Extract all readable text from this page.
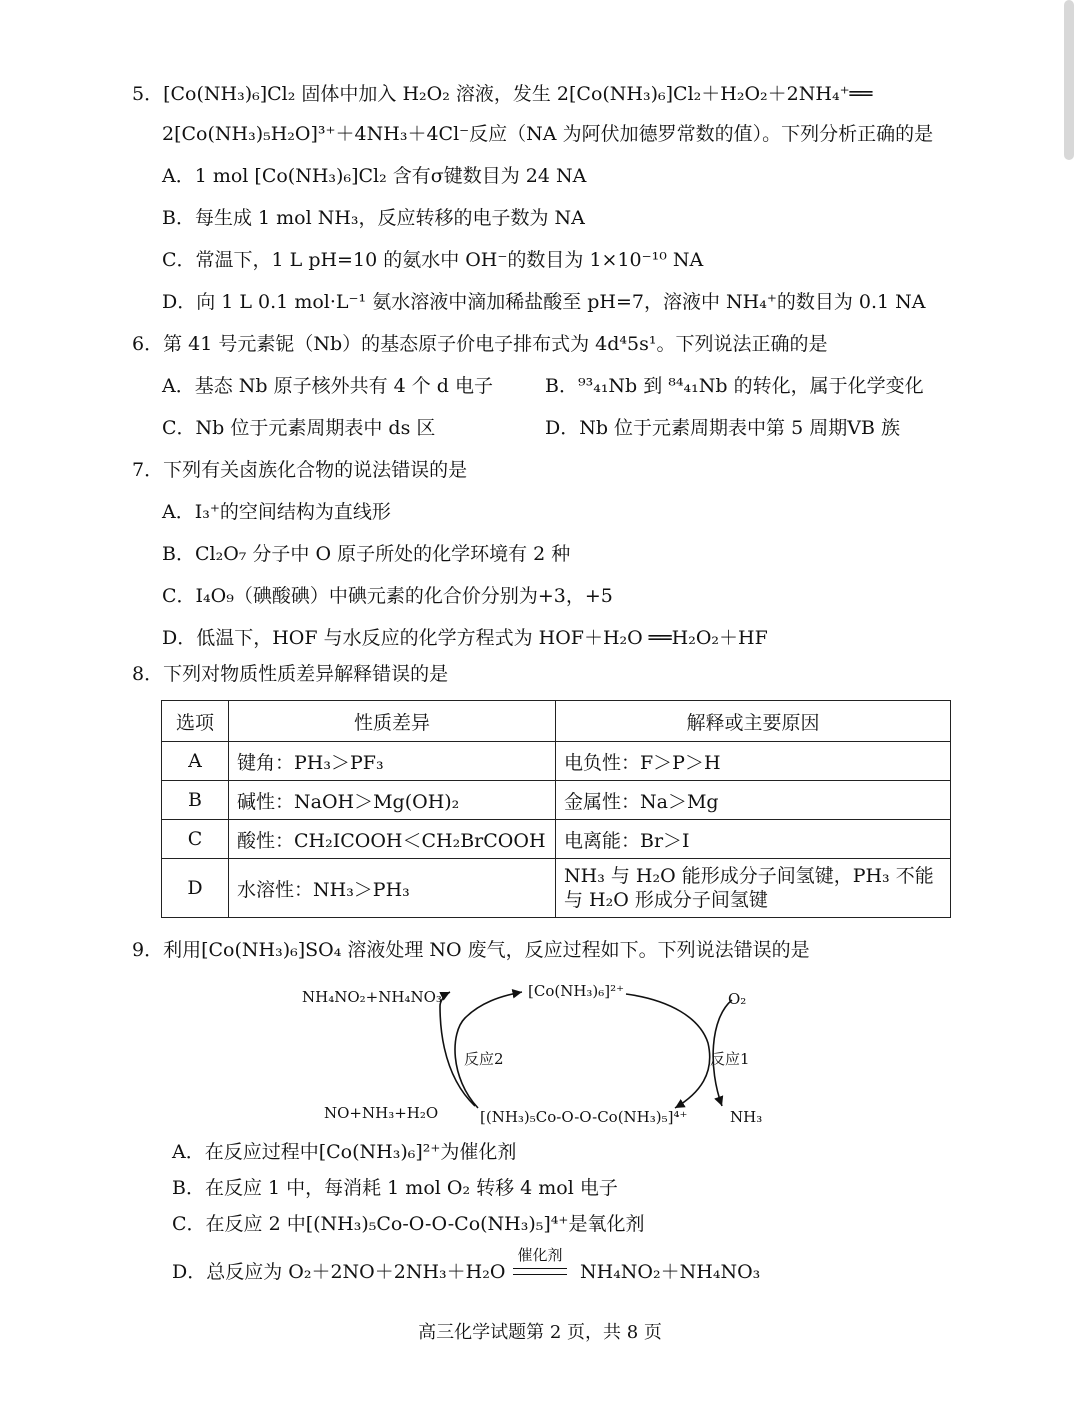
5．[Co(NH₃)₆]Cl₂ 固体中加入 H₂O₂ 溶液，发生 2[Co(NH₃)₆]Cl₂＋H₂O₂＋2NH₄⁺══
2[Co(NH₃)₅H₂O]³⁺＋4NH₃＋4Cl⁻反应（NA 为阿伏加德罗常数的值）。下列分析正确的是
A．1 mol [Co(NH₃)₆]Cl₂ 含有σ键数目为 24 NA
B．每生成 1 mol NH₃，反应转移的电子数为 NA
C．常温下，1 L pH=10 的氨水中 OH⁻的数目为 1×10⁻¹⁰ NA
D．向 1 L 0.1 mol·L⁻¹ 氨水溶液中滴加稀盐酸至 pH=7，溶液中 NH₄⁺的数目为 0.1 NA
6．第 41 号元素铌（Nb）的基态原子价电子排布式为 4d⁴5s¹。下列说法正确的是
A．基态 Nb 原子核外共有 4 个 d 电子	B．⁹³₄₁Nb 到 ⁸⁴₄₁Nb 的转化，属于化学变化
C．Nb 位于元素周期表中 ds 区	D．Nb 位于元素周期表中第 5 周期VB 族
7．下列有关卤族化合物的说法错误的是
A．I₃⁺的空间结构为直线形
B．Cl₂O₇ 分子中 O 原子所处的化学环境有 2 种
C．I₄O₉（碘酸碘）中碘元素的化合价分别为+3，+5
D．低温下，HOF 与水反应的化学方程式为 HOF＋H₂O ══H₂O₂＋HF
8．下列对物质性质差异解释错误的是
选项	性质差异	解释或主要原因
A	键角：PH₃＞PF₃	电负性：F＞P＞H
B	碱性：NaOH＞Mg(OH)₂	金属性：Na＞Mg
C	酸性：CH₂ICOOH＜CH₂BrCOOH	电离能：Br＞I
D	水溶性：NH₃＞PH₃	NH₃ 与 H₂O 能形成分子间氢键，PH₃ 不能与 H₂O 形成分子间氢键
9．利用[Co(NH₃)₆]SO₄ 溶液处理 NO 废气，反应过程如下。下列说法错误的是
NH₄NO₂+NH₄NO₃	[Co(NH₃)₆]²⁺	O₂
反应2	反应1
NO+NH₃+H₂O	[(NH₃)₅Co-O-O-Co(NH₃)₅]⁴⁺	NH₃
A．在反应过程中[Co(NH₃)₆]²⁺为催化剂
B．在反应 1 中，每消耗 1 mol O₂ 转移 4 mol 电子
C．在反应 2 中[(NH₃)₅Co-O-O-Co(NH₃)₅]⁴⁺是氧化剂
D．总反应为 O₂＋2NO＋2NH₃＋H₂O
催化剂
NH₄NO₂＋NH₄NO₃
高三化学试题第 2 页，共 8 页
